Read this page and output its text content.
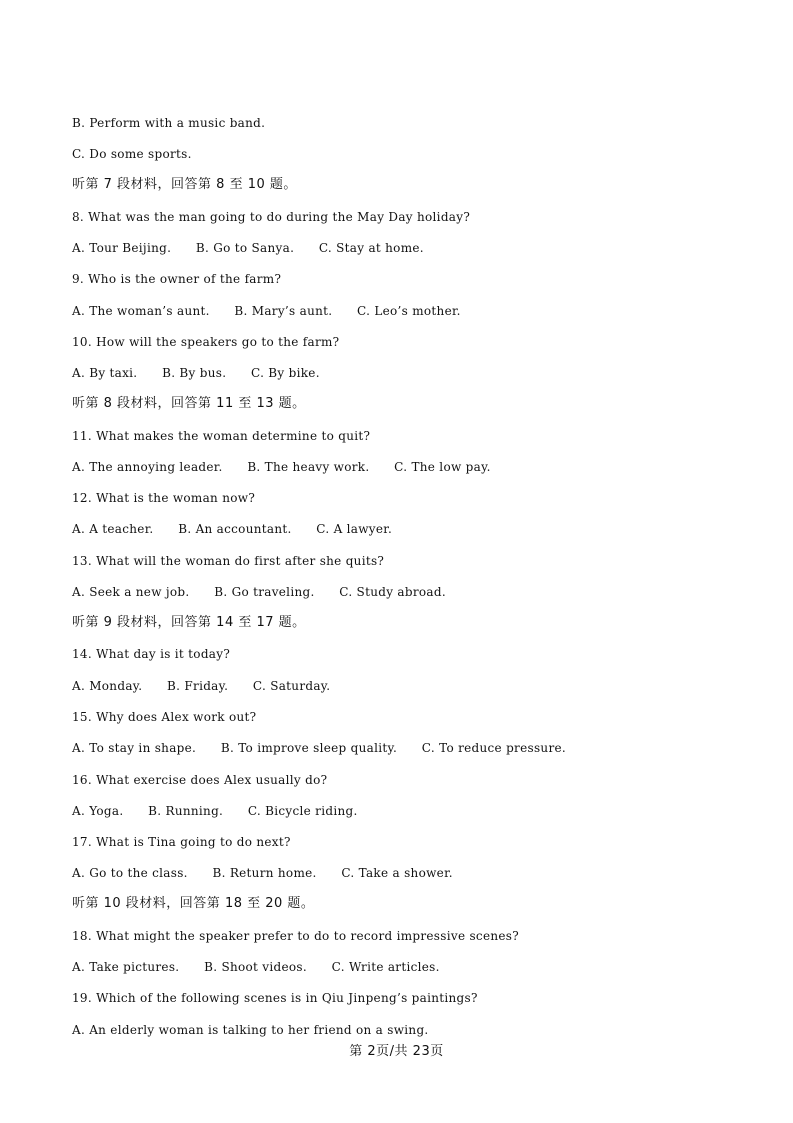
B. Perform with a music band.
C. Do some sports.
听第 7 段材料，回答第 8 至 10 题。
8. What was the man going to do during the May Day holiday?
A. Tour Beijing.      B. Go to Sanya.      C. Stay at home.
9. Who is the owner of the farm?
A. The woman’s aunt.      B. Mary’s aunt.      C. Leo’s mother.
10. How will the speakers go to the farm?
A. By taxi.      B. By bus.      C. By bike.
听第 8 段材料，回答第 11 至 13 题。
11. What makes the woman determine to quit?
A. The annoying leader.      B. The heavy work.      C. The low pay.
12. What is the woman now?
A. A teacher.      B. An accountant.      C. A lawyer.
13. What will the woman do first after she quits?
A. Seek a new job.      B. Go traveling.      C. Study abroad.
听第 9 段材料，回答第 14 至 17 题。
14. What day is it today?
A. Monday.      B. Friday.      C. Saturday.
15. Why does Alex work out?
A. To stay in shape.      B. To improve sleep quality.      C. To reduce pressure.
16. What exercise does Alex usually do?
A. Yoga.      B. Running.      C. Bicycle riding.
17. What is Tina going to do next?
A. Go to the class.      B. Return home.      C. Take a shower.
听第 10 段材料，回答第 18 至 20 题。
18. What might the speaker prefer to do to record impressive scenes?
A. Take pictures.      B. Shoot videos.      C. Write articles.
19. Which of the following scenes is in Qiu Jinpeng’s paintings?
A. An elderly woman is talking to her friend on a swing.
第 2页/共 23页
